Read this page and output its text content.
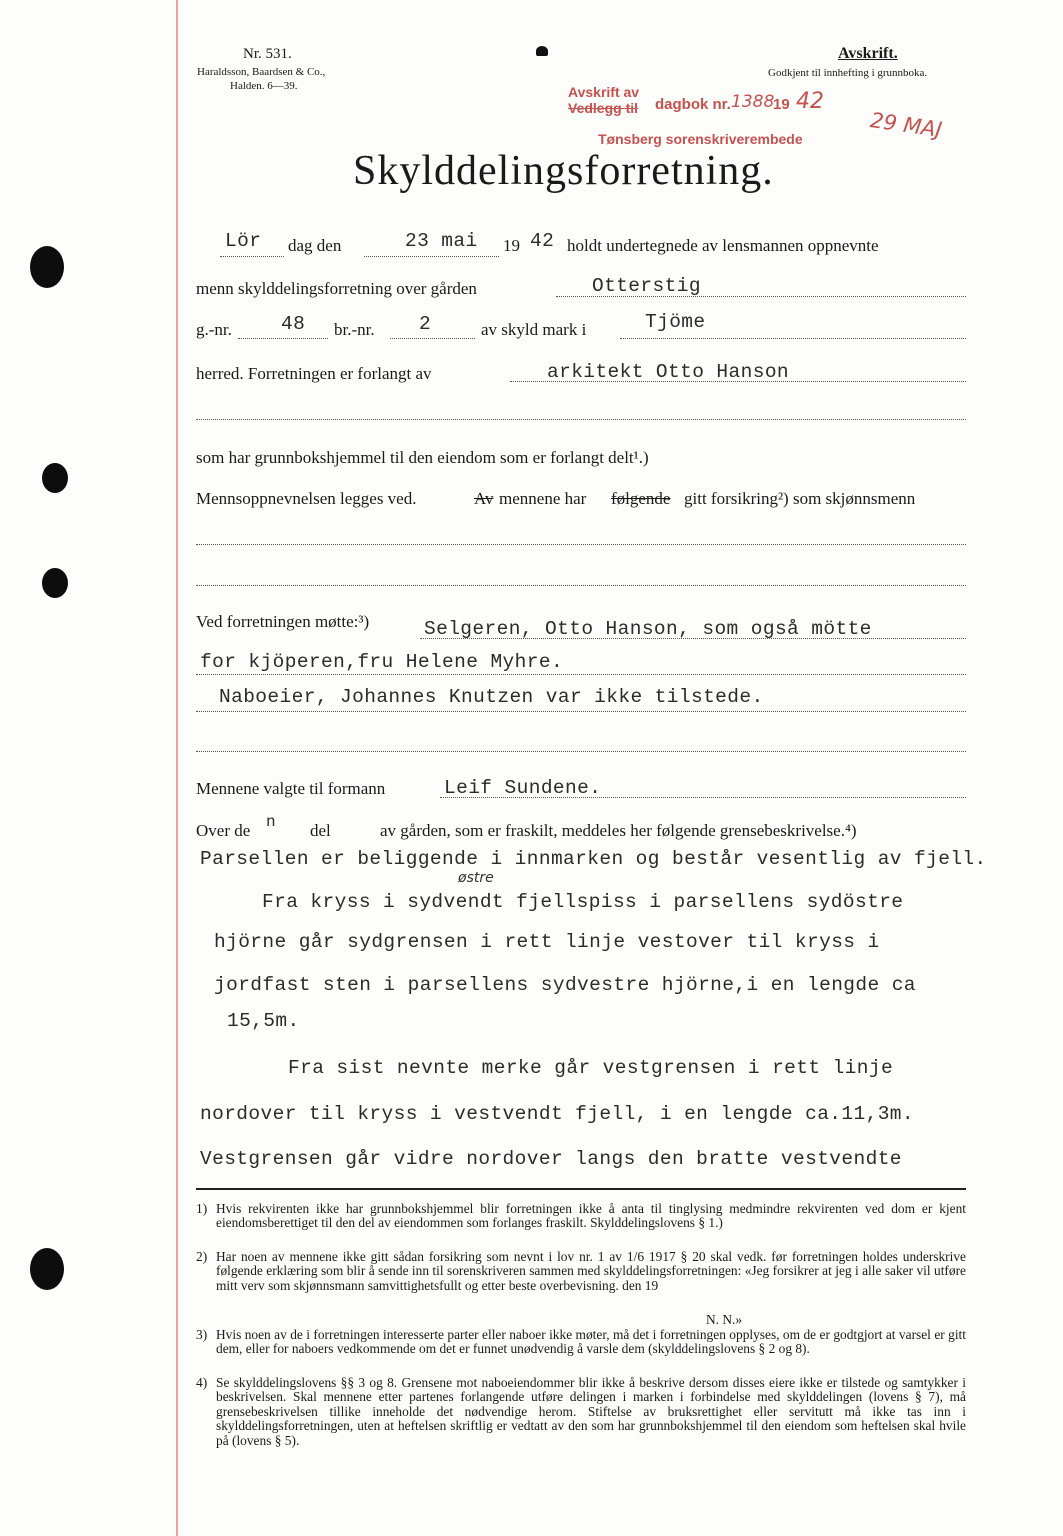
Nr. 531.
Haraldsson, Baardsen & Co.,
Halden. 6—39.
Avskrift.
Godkjent til innhefting i grunnboka.
Avskrift av
Vedlegg til dagbok nr. 1388
19 42
29 MAJ
Tønsberg sorenskriverembede
Skylddelingsforretning.
Lör dag den	23 mai 19 42 holdt undertegnede av lensmannen oppnevnte
menn skylddelingsforretning over gården	Otterstig
g.-nr.	48 br.-nr. 2	av skyld mark i	Tjöme
herred. Forretningen er forlangt av	arkitekt Otto Hanson
som har grunnbokshjemmel til den eiendom som er forlangt delt¹.)
Mennsoppnevnelsen legges ved.	Av mennene har følgende gitt forsikring²) som skjønnsmenn
Ved forretningen møtte:³)	Selgeren, Otto Hanson, som også mötte
for kjöperen,fru Helene Myhre.
Naboeier, Johannes Knutzen var ikke tilstede.
Mennene valgte til formann	Leif Sundene.
Over de n del	av gården, som er fraskilt, meddeles her følgende grensebeskrivelse.⁴)
Parsellen er beliggende i innmarken og består vesentlig av fjell.
østre
Fra kryss i sydvendt fjellspiss i parsellens sydöstre
hjörne går sydgrensen i rett linje vestover til kryss i
jordfast sten i parsellens sydvestre hjörne,i en lengde ca
15,5m.
Fra sist nevnte merke går vestgrensen i rett linje
nordover til kryss i vestvendt fjell, i en lengde ca.11,3m.
Vestgrensen går vidre nordover langs den bratte vestvendte
1) Hvis rekvirenten ikke har grunnbokshjemmel blir forretningen ikke å anta til tinglysing medmindre rekvirenten ved dom er kjent eiendomsberettiget til den del av eiendommen som forlanges fraskilt. Skylddelingslovens § 1.)
2) Har noen av mennene ikke gitt sådan forsikring som nevnt i lov nr. 1 av 1/6 1917 § 20 skal vedk. før forretningen holdes underskrive følgende erklæring som blir å sende inn til sorenskriveren sammen med skylddelingsforretningen: «Jeg forsikrer at jeg i alle saker vil utføre mitt verv som skjønnsmann samvittighetsfullt og etter beste overbevisning. den 19
N. N.»
3) Hvis noen av de i forretningen interesserte parter eller naboer ikke møter, må det i forretningen opplyses, om de er godtgjort at varsel er gitt dem, eller for naboers vedkommende om det er funnet unødvendig å varsle dem (skylddelingslovens § 2 og 8).
4) Se skylddelingslovens §§ 3 og 8. Grensene mot naboeiendommer blir ikke å beskrive dersom disses eiere ikke er tilstede og samtykker i beskrivelsen. Skal mennene etter partenes forlangende utføre delingen i marken i forbindelse med skylddelingen (lovens § 7), må grensebeskrivelsen tillike inneholde det nødvendige herom. Stiftelse av bruksrettighet eller servitutt må ikke tas inn i skylddelingsforretningen, uten at heftelsen skriftlig er vedtatt av den som har grunnbokshjemmel til den eiendom som heftelsen skal hvile på (lovens § 5).
